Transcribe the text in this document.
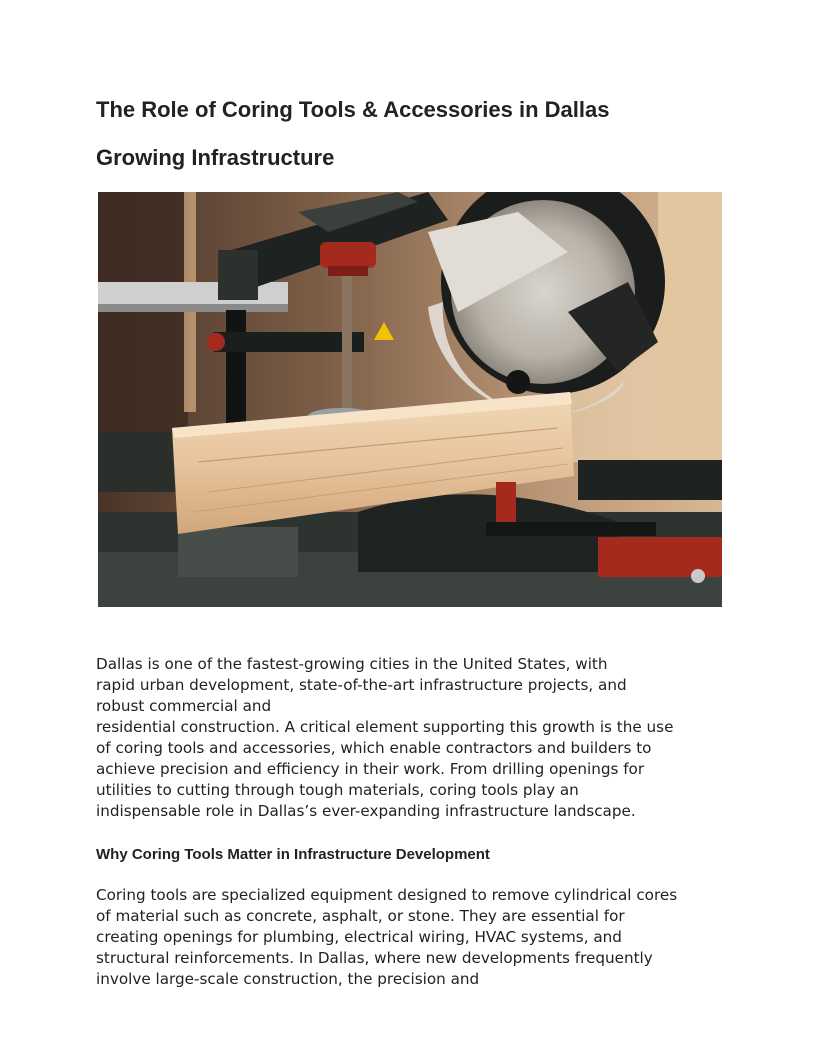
The Role of Coring Tools & Accessories in Dallas
Growing Infrastructure

Dallas is one of the fastest-growing cities in the United States, with
rapid urban development, state-of-the-art infrastructure projects, and
robust commercial and
residential construction. A critical element supporting this growth is the use
of coring tools and accessories, which enable contractors and builders to
achieve precision and efficiency in their work. From drilling openings for
utilities to cutting through tough materials, coring tools play an
indispensable role in Dallas’s ever-expanding infrastructure landscape.

Why Coring Tools Matter in Infrastructure Development

Coring tools are specialized equipment designed to remove cylindrical cores
of material such as concrete, asphalt, or stone. They are essential for
creating openings for plumbing, electrical wiring, HVAC systems, and
structural reinforcements. In Dallas, where new developments frequently
involve large-scale construction, the precision and
